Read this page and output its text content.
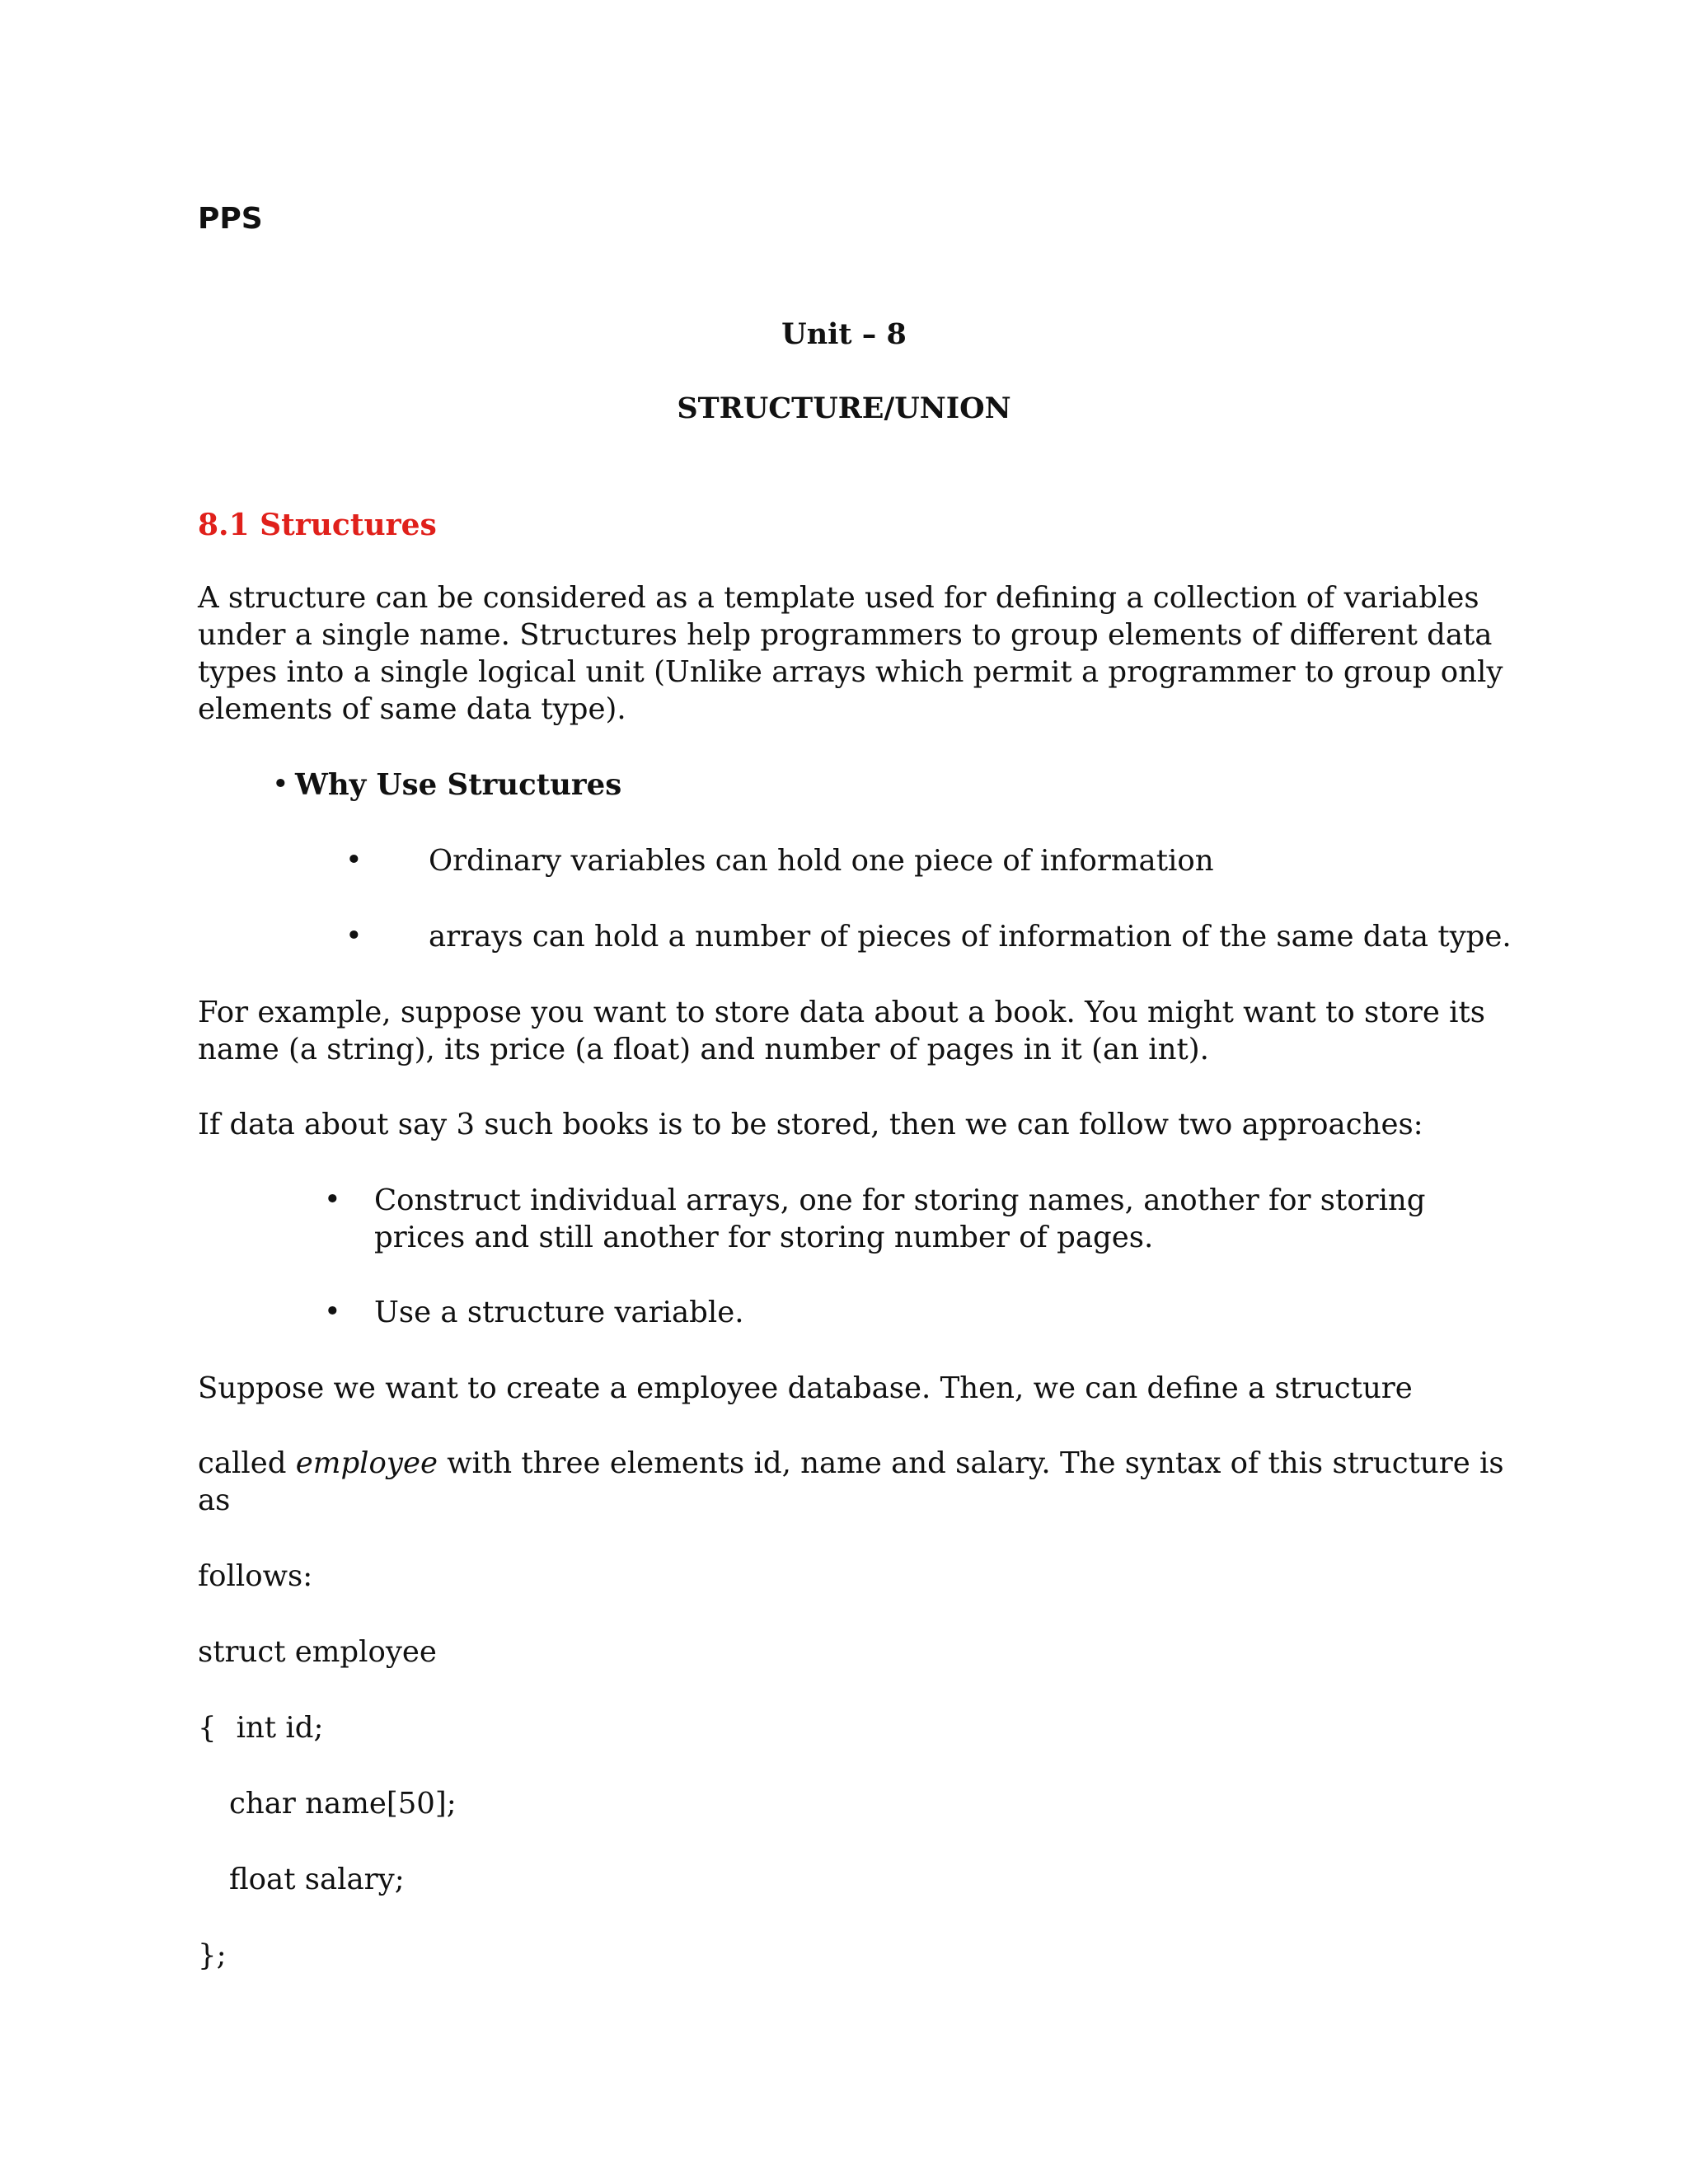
PPS
Unit – 8
STRUCTURE/UNION
8.1 Structures
A structure can be considered as a template used for defining a collection of variables
under a single name. Structures help programmers to group elements of different data
types into a single logical unit (Unlike arrays which permit a programmer to group only
elements of same data type).
• Why Use Structures
• Ordinary variables can hold one piece of information
• arrays can hold a number of pieces of information of the same data type.
For example, suppose you want to store data about a book. You might want to store its
name (a string), its price (a float) and number of pages in it (an int).
If data about say 3 such books is to be stored, then we can follow two approaches:
• Construct individual arrays, one for storing names, another for storing
prices and still another for storing number of pages.
• Use a structure variable.
Suppose we want to create a employee database. Then, we can define a structure
called employee with three elements id, name and salary. The syntax of this structure is
as
follows:
struct employee
{ int id;
char name[50];
float salary;
};
